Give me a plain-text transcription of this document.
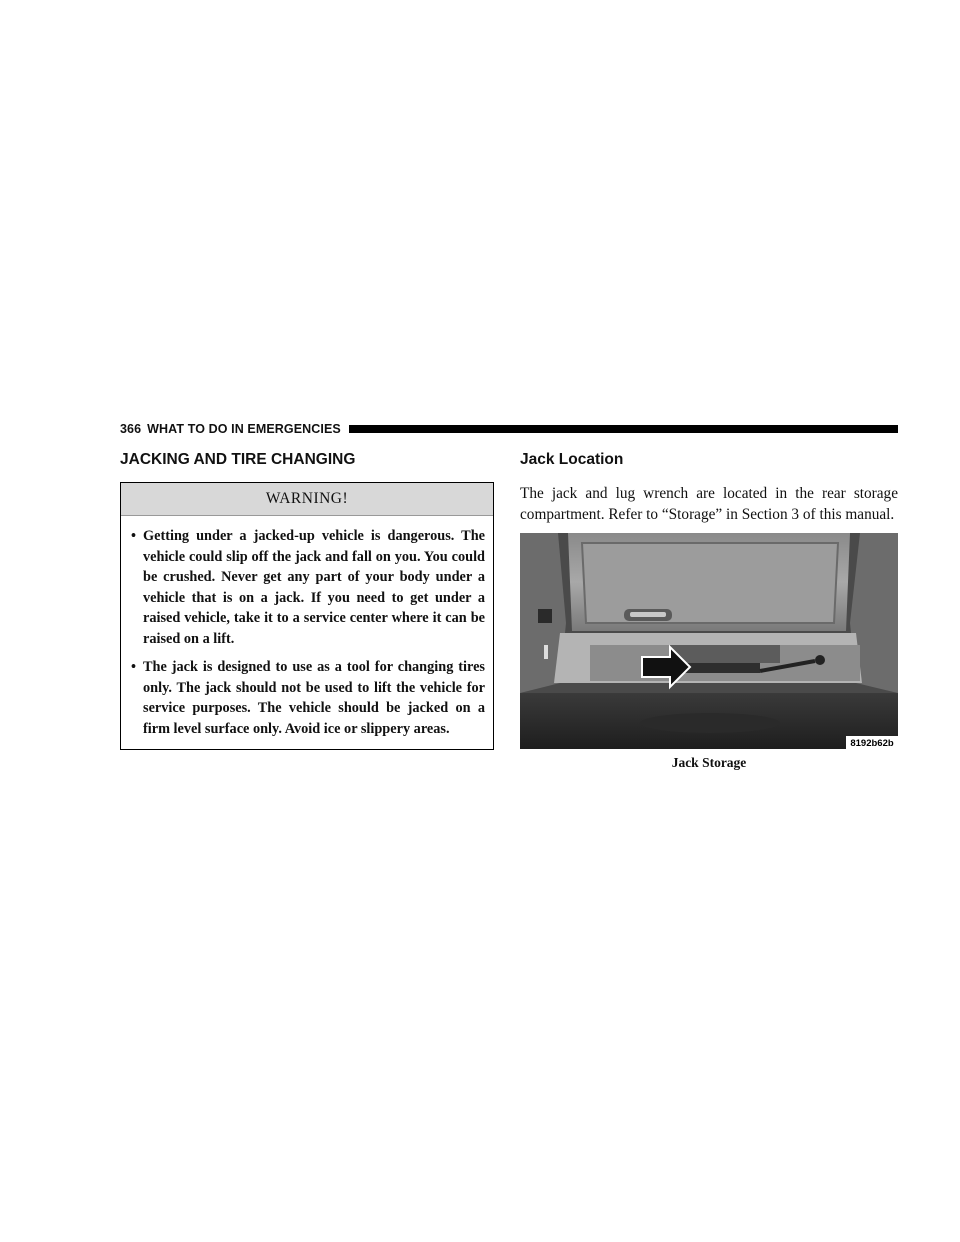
366 WHAT TO DO IN EMERGENCIES
JACKING AND TIRE CHANGING
WARNING!
• Getting under a jacked-up vehicle is dangerous. The vehicle could slip off the jack and fall on you. You could be crushed. Never get any part of your body under a vehicle that is on a jack. If you need to get under a raised vehicle, take it to a service center where it can be raised on a lift.
• The jack is designed to use as a tool for changing tires only. The jack should not be used to lift the vehicle for service purposes. The vehicle should be jacked on a firm level surface only. Avoid ice or slippery areas.
Jack Location

The jack and lug wrench are located in the rear storage compartment. Refer to “Storage” in Section 3 of this manual.

8192b62b
Jack Storage
